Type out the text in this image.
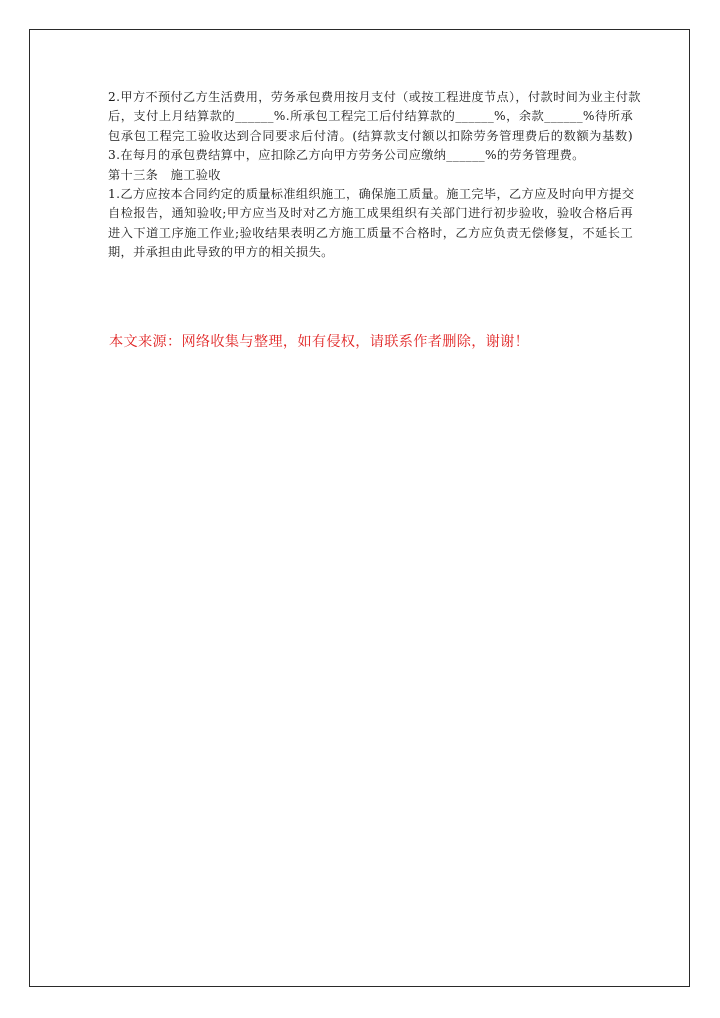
2.甲方不预付乙方生活费用，劳务承包费用按月支付（或按工程进度节点），付款时间为业主付款
后，支付上月结算款的______%.所承包工程完工后付结算款的______%，余款______%待所承
包承包工程完工验收达到合同要求后付清。(结算款支付额以扣除劳务管理费后的数额为基数)
3.在每月的承包费结算中，应扣除乙方向甲方劳务公司应缴纳______%的劳务管理费。
第十三条　施工验收
1.乙方应按本合同约定的质量标准组织施工，确保施工质量。施工完毕，乙方应及时向甲方提交
自检报告，通知验收;甲方应当及时对乙方施工成果组织有关部门进行初步验收，验收合格后再
进入下道工序施工作业;验收结果表明乙方施工质量不合格时，乙方应负责无偿修复，不延长工
期，并承担由此导致的甲方的相关损失。
本文来源：网络收集与整理，如有侵权，请联系作者删除，谢谢！
